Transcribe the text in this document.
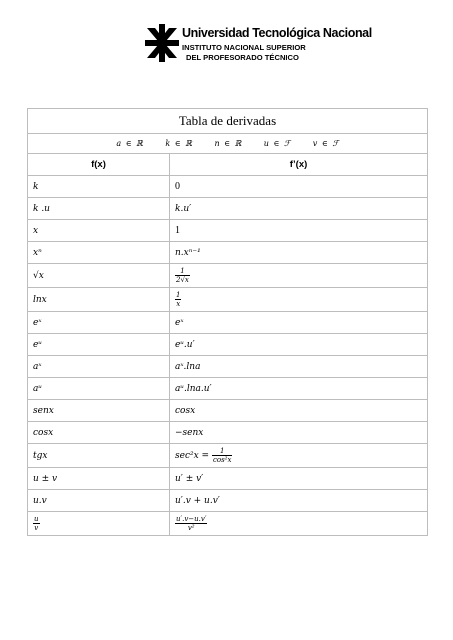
Universidad Tecnológica Nacional
INSTITUTO NACIONAL SUPERIOR
DEL PROFESORADO TÉCNICO
Tabla de derivadas	
a ∈ ℝ k ∈ ℝ n ∈ ℝ u ∈ ℱ v ∈ ℱ	
f(x)	f’(x)
k	0
k .u	k.u′
x	1
xⁿ	n.xⁿ⁻¹
√x	$\frac{1}{2√x}$

lnx	$\frac{1}{x}$

eˣ	eˣ
eᵘ	eᵘ.u′
aˣ	aˣ.lna
aᵘ	aᵘ.lna.u′
senx	cosx
cosx	−senx
tgx	$\sec^2x = \frac{1}{\text{cos²x}}$

u ± v	u′ ± v′
u.v	u′.v + u.v′

$\frac{u}{v}$	$\frac{u'.v-u.v'}{\text{v²}}$
